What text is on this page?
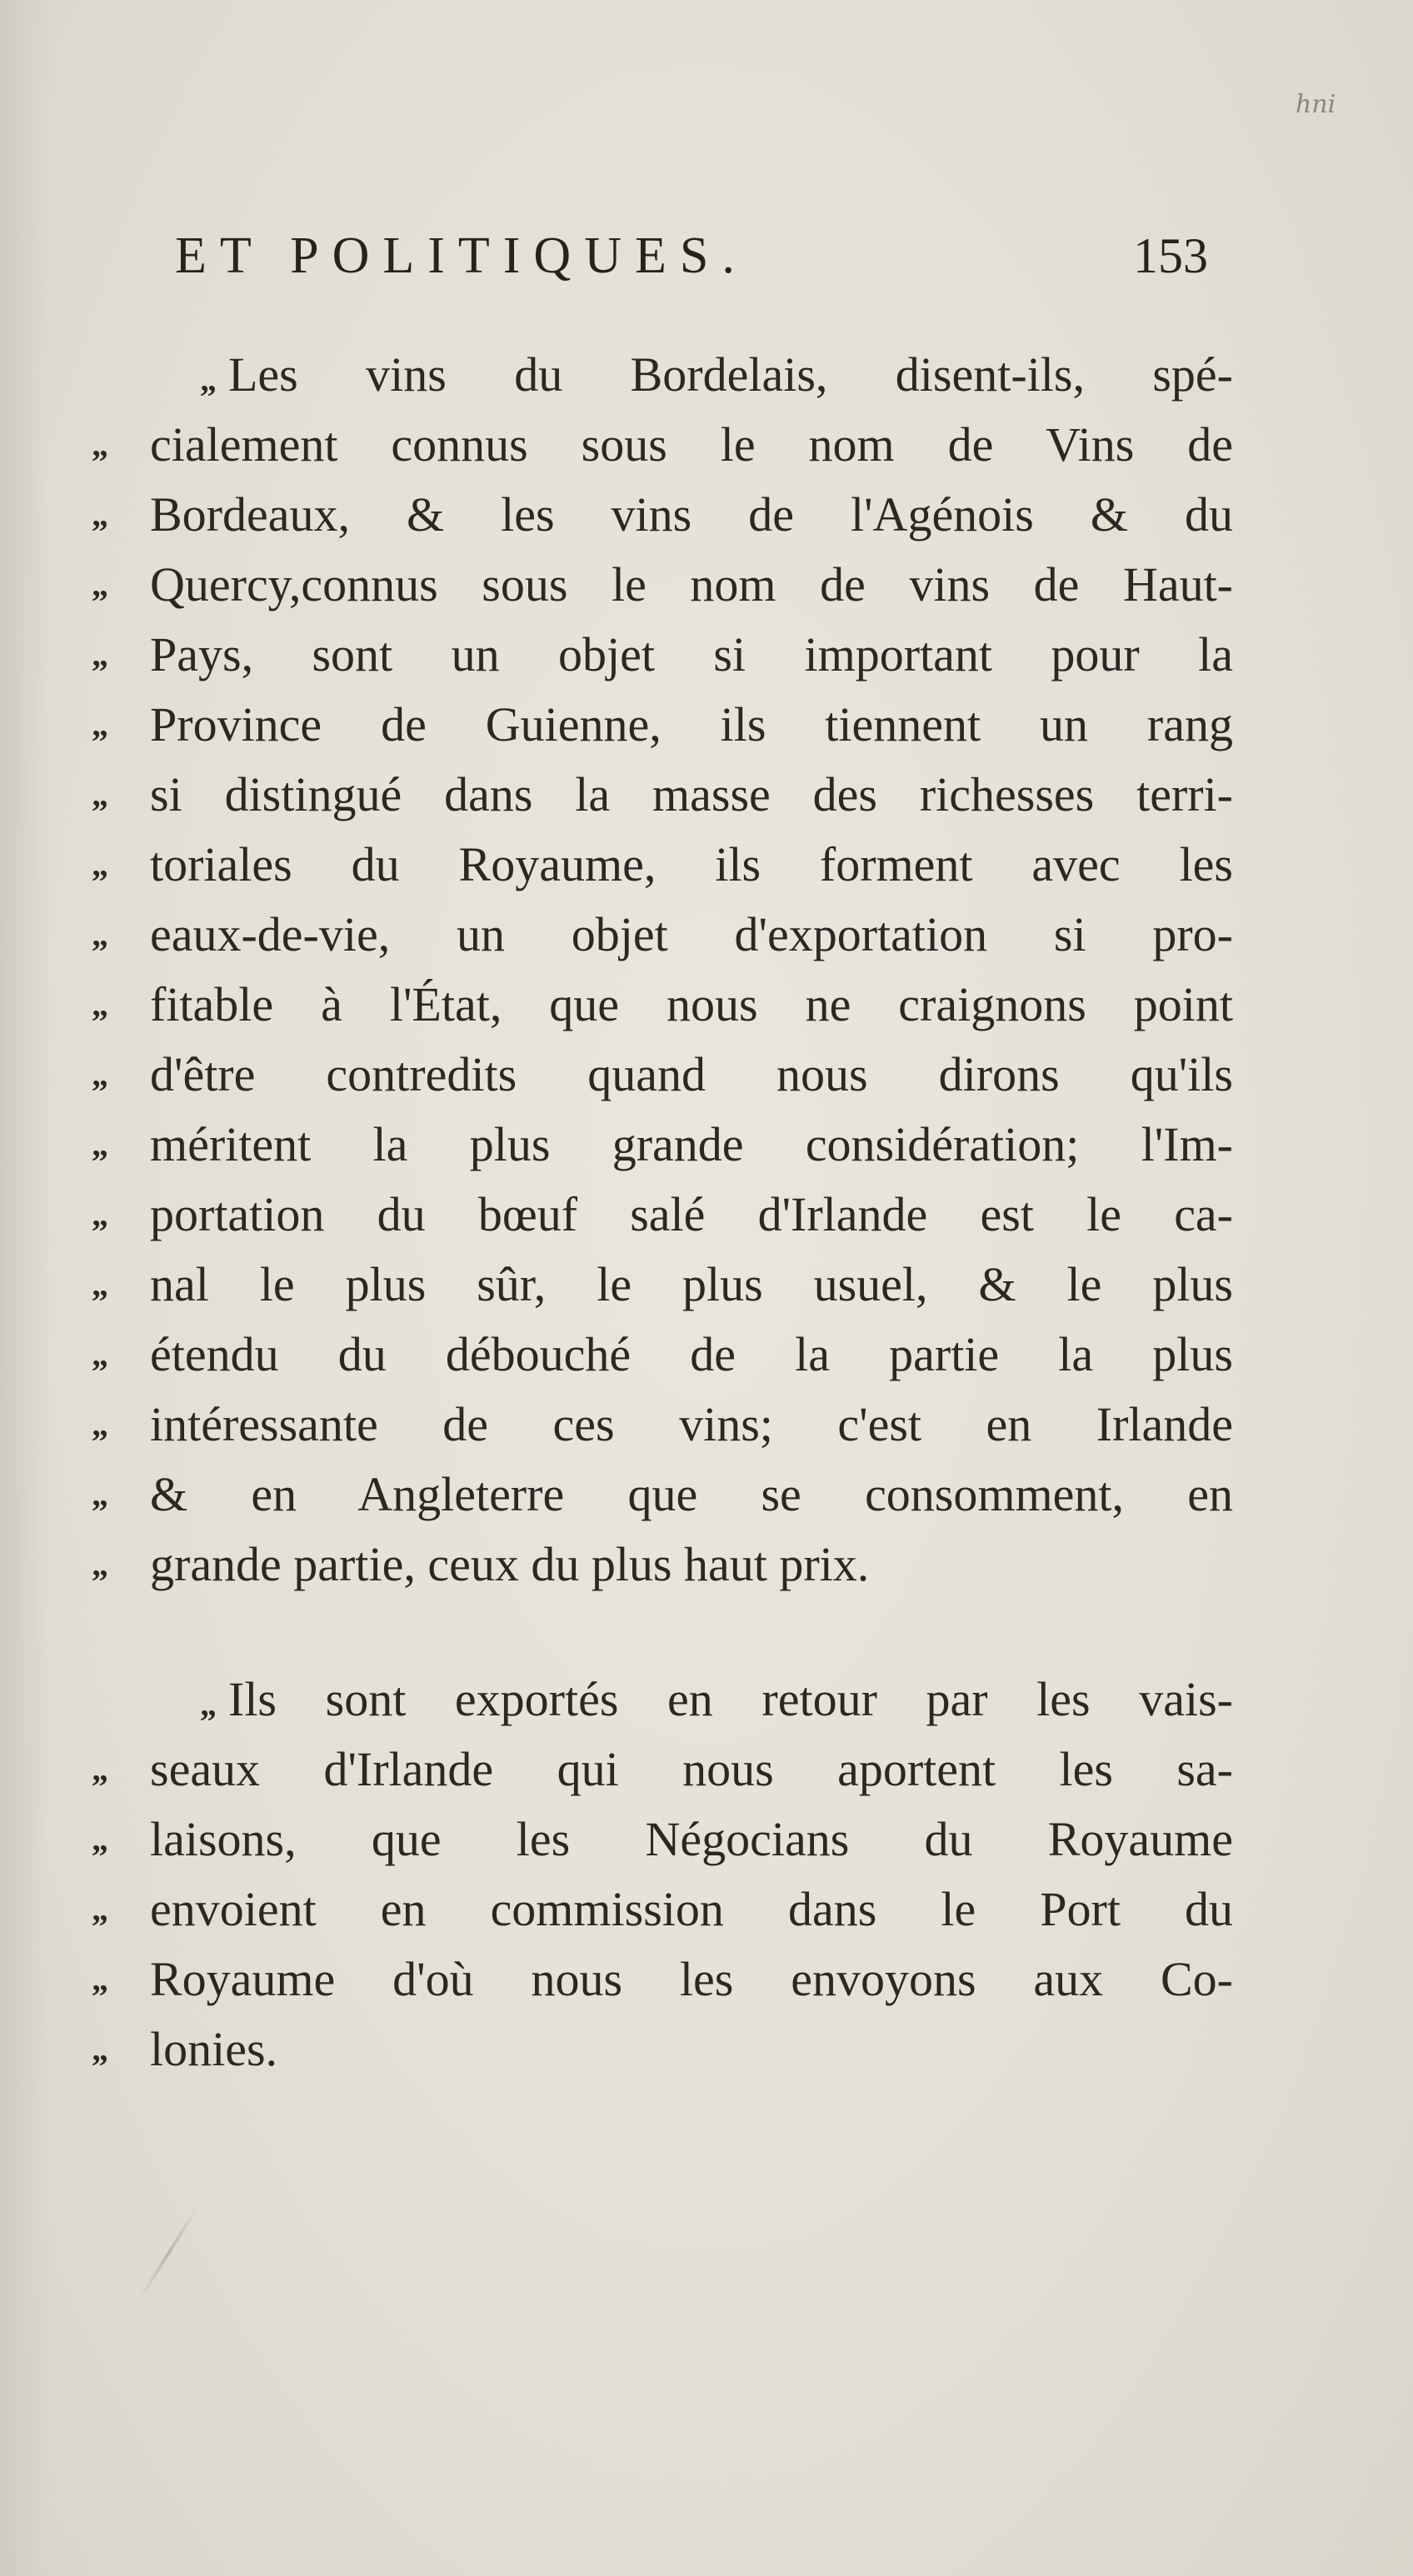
hni
ET POLITIQUES.	153
„ Les vins du Bordelais, disent-ils, spé-
„ cialement connus sous le nom de Vins de
„ Bordeaux, & les vins de l'Agénois & du
„ Quercy,connus sous le nom de vins de Haut-
„ Pays, sont un objet si important pour la
„ Province de Guienne, ils tiennent un rang
„ si distingué dans la masse des richesses terri-
„ toriales du Royaume, ils forment avec les
„ eaux-de-vie, un objet d'exportation si pro-
„ fitable à l'État, que nous ne craignons point
„ d'être contredits quand nous dirons qu'ils
„ méritent la plus grande considération; l'Im-
„ portation du bœuf salé d'Irlande est le ca-
„ nal le plus sûr, le plus usuel, & le plus
„ étendu du débouché de la partie la plus
„ intéressante de ces vins; c'est en Irlande
„ & en Angleterre que se consomment, en
„ grande partie, ceux du plus haut prix.
„ Ils sont exportés en retour par les vais-
„ seaux d'Irlande qui nous aportent les sa-
„ laisons, que les Négocians du Royaume
„ envoient en commission dans le Port du
„ Royaume d'où nous les envoyons aux Co-
„ lonies.
